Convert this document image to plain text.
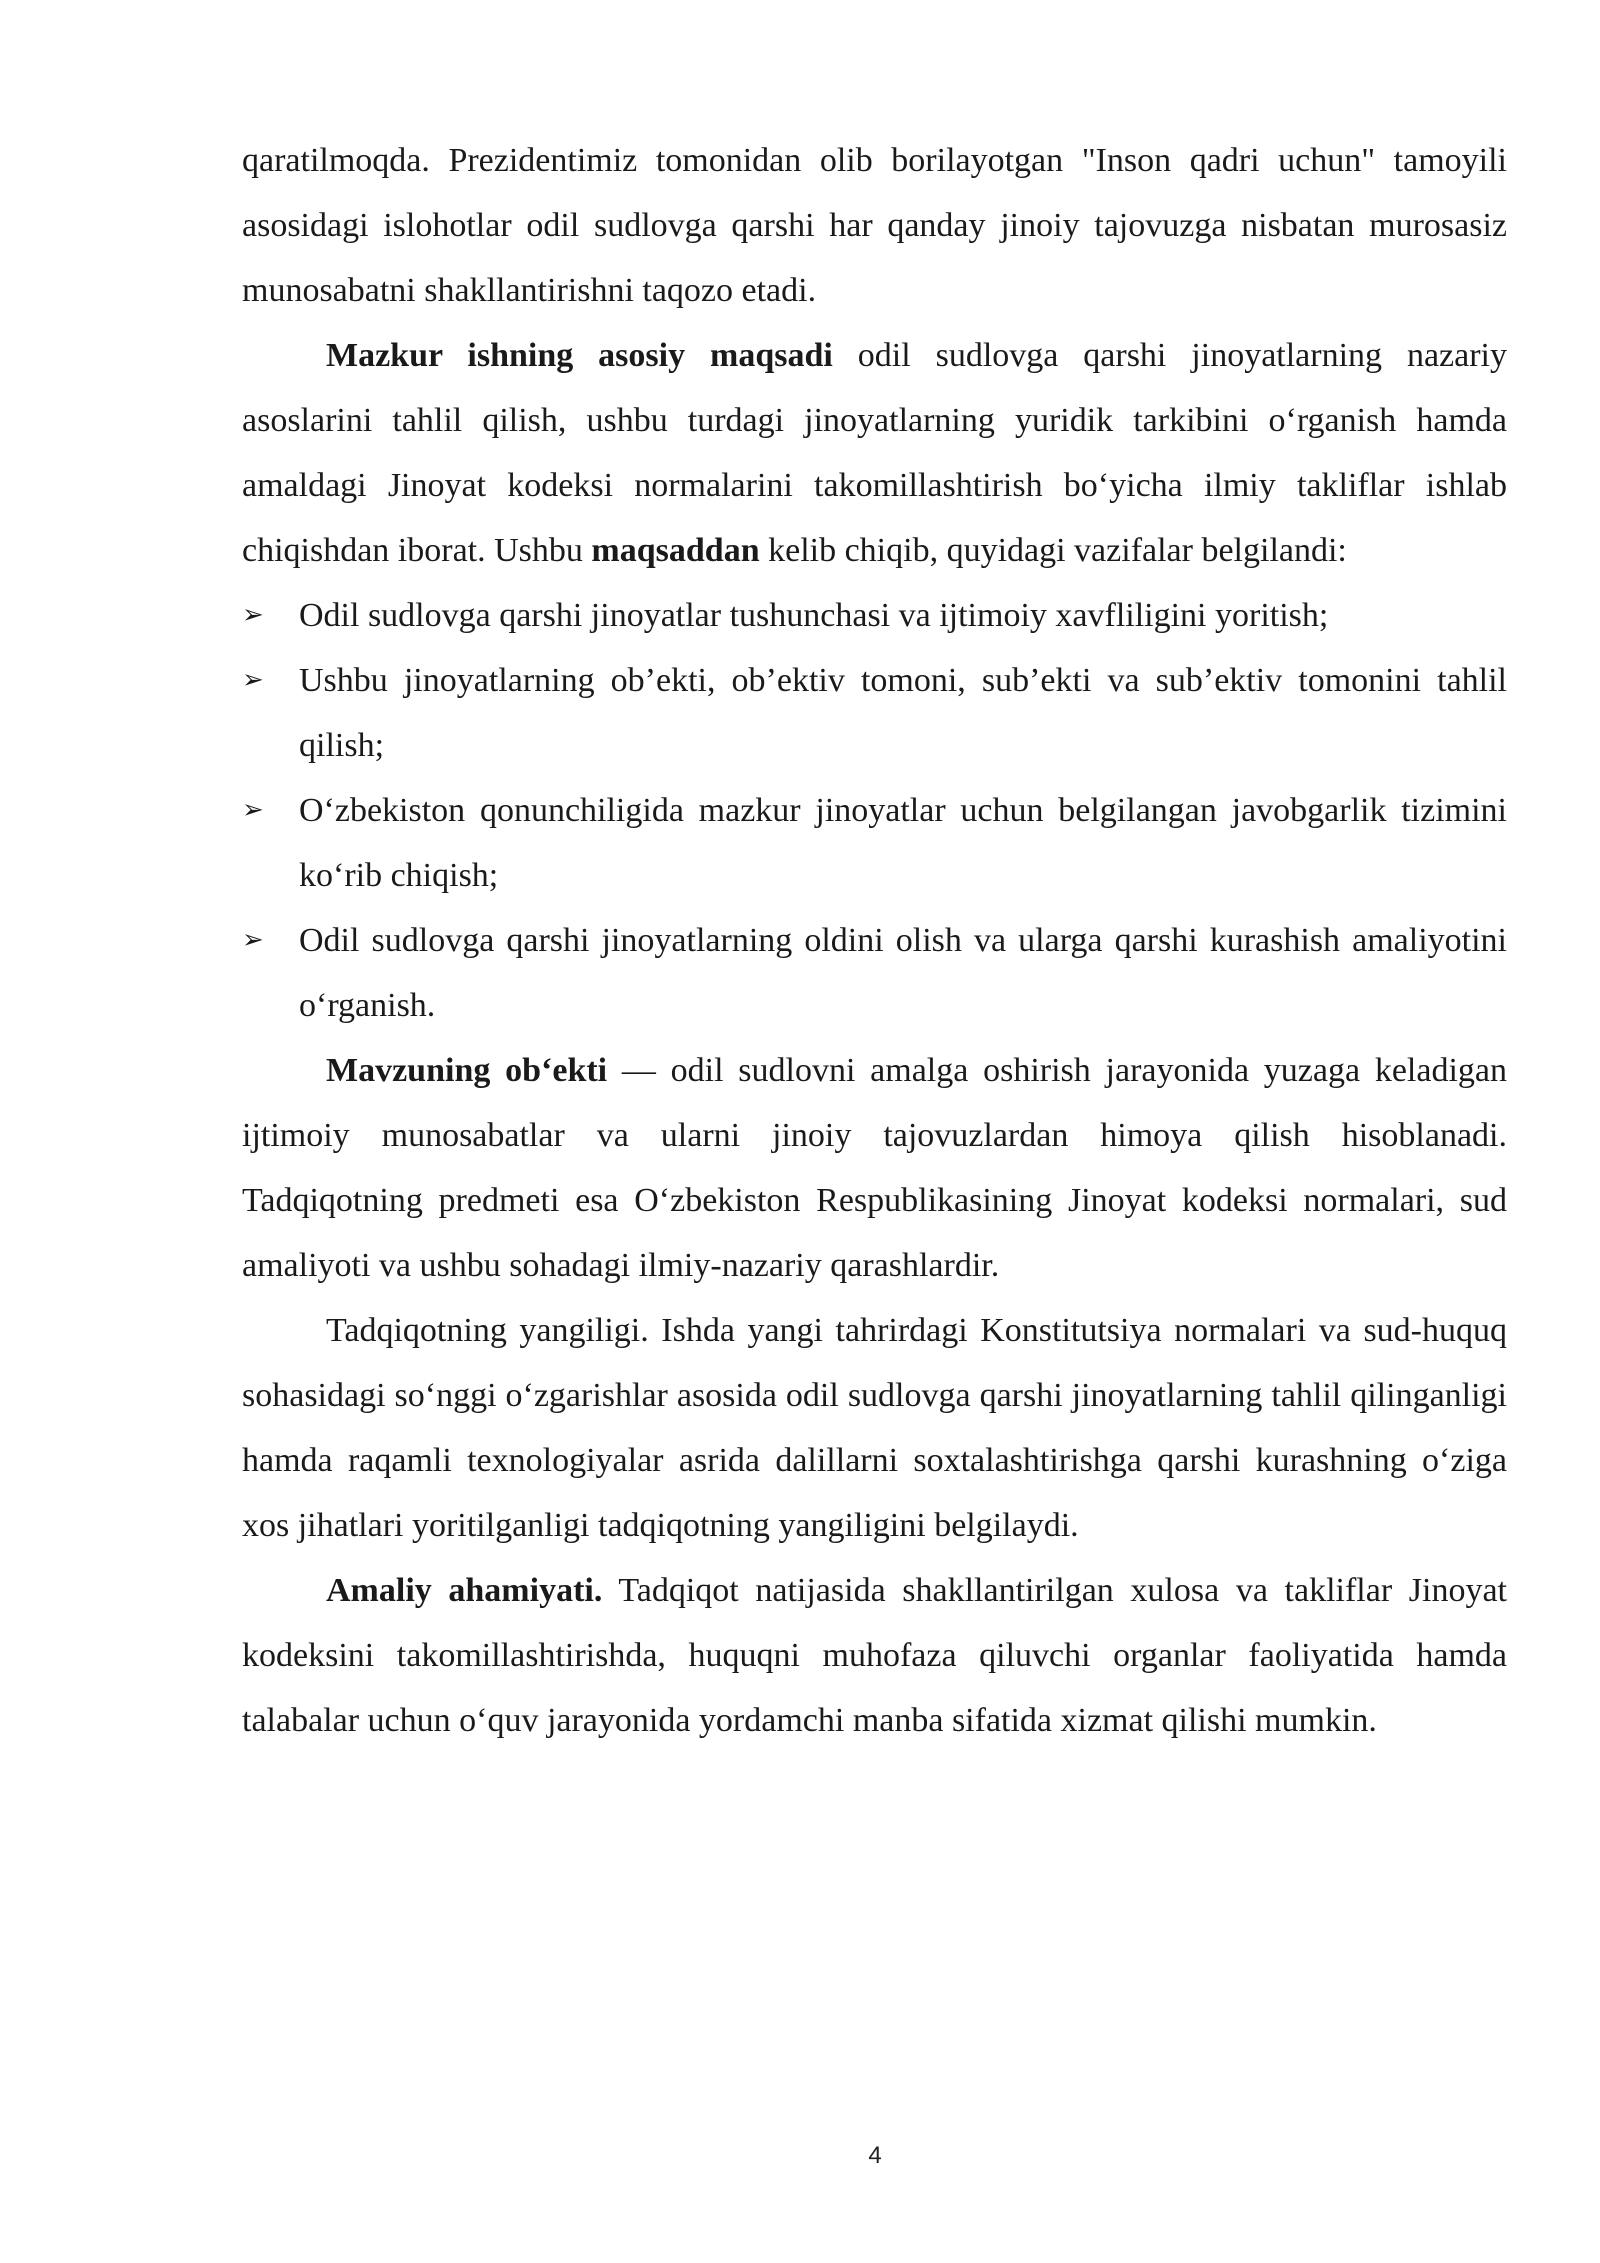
qaratilmoqda. Prezidentimiz tomonidan olib borilayotgan "Inson qadri uchun" tamoyili asosidagi islohotlar odil sudlovga qarshi har qanday jinoiy tajovuzga nisbatan murosasiz munosabatni shakllantirishni taqozo etadi.

Mazkur ishning asosiy maqsadi odil sudlovga qarshi jinoyatlarning nazariy asoslarini tahlil qilish, ushbu turdagi jinoyatlarning yuridik tarkibini o‘rganish hamda amaldagi Jinoyat kodeksi normalarini takomillashtirish bo‘yicha ilmiy takliflar ishlab chiqishdan iborat. Ushbu maqsaddan kelib chiqib, quyidagi vazifalar belgilandi:

➢ Odil sudlovga qarshi jinoyatlar tushunchasi va ijtimoiy xavfliligini yoritish;
➢ Ushbu jinoyatlarning ob’ekti, ob’ektiv tomoni, sub’ekti va sub’ektiv tomonini tahlil qilish;
➢ O‘zbekiston qonunchiligida mazkur jinoyatlar uchun belgilangan javobgarlik tizimini ko‘rib chiqish;
➢ Odil sudlovga qarshi jinoyatlarning oldini olish va ularga qarshi kurashish amaliyotini o‘rganish.

Mavzuning ob‘ekti — odil sudlovni amalga oshirish jarayonida yuzaga keladigan ijtimoiy munosabatlar va ularni jinoiy tajovuzlardan himoya qilish hisoblanadi. Tadqiqotning predmeti esa O‘zbekiston Respublikasining Jinoyat kodeksi normalari, sud amaliyoti va ushbu sohadagi ilmiy-nazariy qarashlardir.

Tadqiqotning yangiligi. Ishda yangi tahrirdagi Konstitutsiya normalari va sud-huquq sohasidagi so‘nggi o‘zgarishlar asosida odil sudlovga qarshi jinoyatlarning tahlil qilinganligi hamda raqamli texnologiyalar asrida dalillarni soxtalashtirishga qarshi kurashning o‘ziga xos jihatlari yoritilganligi tadqiqotning yangiligini belgilaydi.

Amaliy ahamiyati. Tadqiqot natijasida shakllantirilgan xulosa va takliflar Jinoyat kodeksini takomillashtirishda, huquqni muhofaza qiluvchi organlar faoliyatida hamda talabalar uchun o‘quv jarayonida yordamchi manba sifatida xizmat qilishi mumkin.

4
